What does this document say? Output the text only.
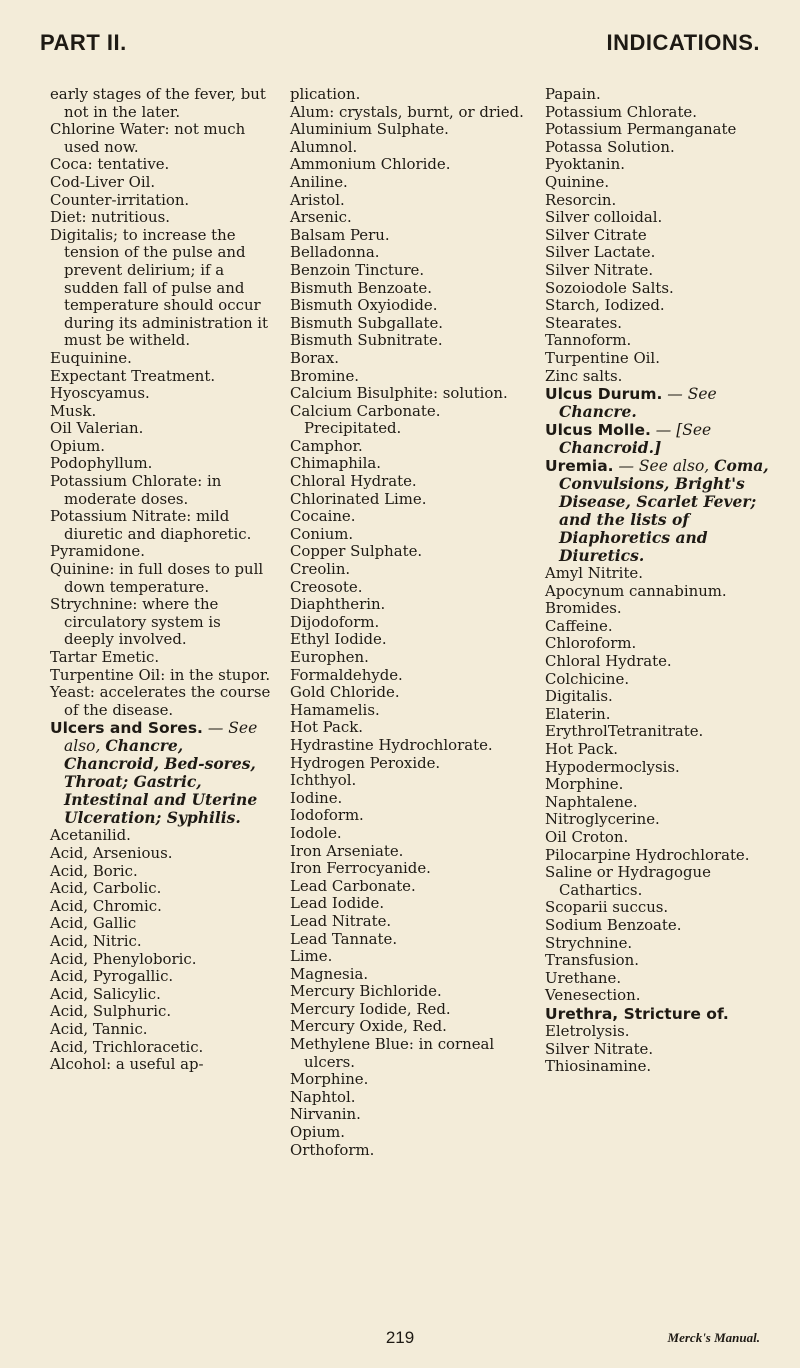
PART II.	INDICATIONS.
early stages of the fever, but not in the later.
Chlorine Water: not much used now.
Coca: tentative.
Cod-Liver Oil.
Counter-irritation.
Diet: nutritious.
Digitalis; to increase the tension of the pulse and prevent delirium; if a sudden fall of pulse and temperature should occur during its administration it must be witheld.
Euquinine.
Expectant Treatment.
Hyoscyamus.
Musk.
Oil Valerian.
Opium.
Podophyllum.
Potassium Chlorate: in moderate doses.
Potassium Nitrate: mild diuretic and diaphoretic.
Pyramidone.
Quinine: in full doses to pull down temperature.
Strychnine: where the circulatory system is deeply involved.
Tartar Emetic.
Turpentine Oil: in the stupor.
Yeast: accelerates the course of the disease.
Ulcers and Sores. — See also, Chancre, Chancroid, Bed-sores, Throat; Gastric, Intestinal and Uterine Ulceration; Syphilis.
Acetanilid.
Acid, Arsenious.
Acid, Boric.
Acid, Carbolic.
Acid, Chromic.
Acid, Gallic
Acid, Nitric.
Acid, Phenyloboric.
Acid, Pyrogallic.
Acid, Salicylic.
Acid, Sulphuric.
Acid, Tannic.
Acid, Trichloracetic.
Alcohol: a useful ap-
plication.
Alum: crystals, burnt, or dried.
Aluminium Sulphate.
Alumnol.
Ammonium Chloride.
Aniline.
Aristol.
Arsenic.
Balsam Peru.
Belladonna.
Benzoin Tincture.
Bismuth Benzoate.
Bismuth Oxyiodide.
Bismuth Subgallate.
Bismuth Subnitrate.
Borax.
Bromine.
Calcium Bisulphite: solution.
Calcium Carbonate. Precipitated.
Camphor.
Chimaphila.
Chloral Hydrate.
Chlorinated Lime.
Cocaine.
Conium.
Copper Sulphate.
Creolin.
Creosote.
Diaphtherin.
Dijodoform.
Ethyl Iodide.
Europhen.
Formaldehyde.
Gold Chloride.
Hamamelis.
Hot Pack.
Hydrastine Hydrochlorate.
Hydrogen Peroxide.
Ichthyol.
Iodine.
Iodoform.
Iodole.
Iron Arseniate.
Iron Ferrocyanide.
Lead Carbonate.
Lead Iodide.
Lead Nitrate.
Lead Tannate.
Lime.
Magnesia.
Mercury Bichloride.
Mercury Iodide, Red.
Mercury Oxide, Red.
Methylene Blue: in corneal ulcers.
Morphine.
Naphtol.
Nirvanin.
Opium.
Orthoform.
Papain.
Potassium Chlorate.
Potassium Permanganate
Potassa Solution.
Pyoktanin.
Quinine.
Resorcin.
Silver colloidal.
Silver Citrate
Silver Lactate.
Silver Nitrate.
Sozoiodole Salts.
Starch, Iodized.
Stearates.
Tannoform.
Turpentine Oil.
Zinc salts.
Ulcus Durum. — See Chancre.
Ulcus Molle. — [See Chancroid.]
Uremia. — See also, Coma, Convulsions, Bright's Disease, Scarlet Fever; and the lists of Diaphoretics and Diuretics.
Amyl Nitrite.
Apocynum cannabinum.
Bromides.
Caffeine.
Chloroform.
Chloral Hydrate.
Colchicine.
Digitalis.
Elaterin.
ErythrolTetranitrate.
Hot Pack.
Hypodermoclysis.
Morphine.
Naphtalene.
Nitroglycerine.
Oil Croton.
Pilocarpine Hydrochlorate.
Saline or Hydragogue Cathartics.
Scoparii succus.
Sodium Benzoate.
Strychnine.
Transfusion.
Urethane.
Venesection.
Urethra, Stricture of.
Eletrolysis.
Silver Nitrate.
Thiosinamine.
219	Merck's Manual.
